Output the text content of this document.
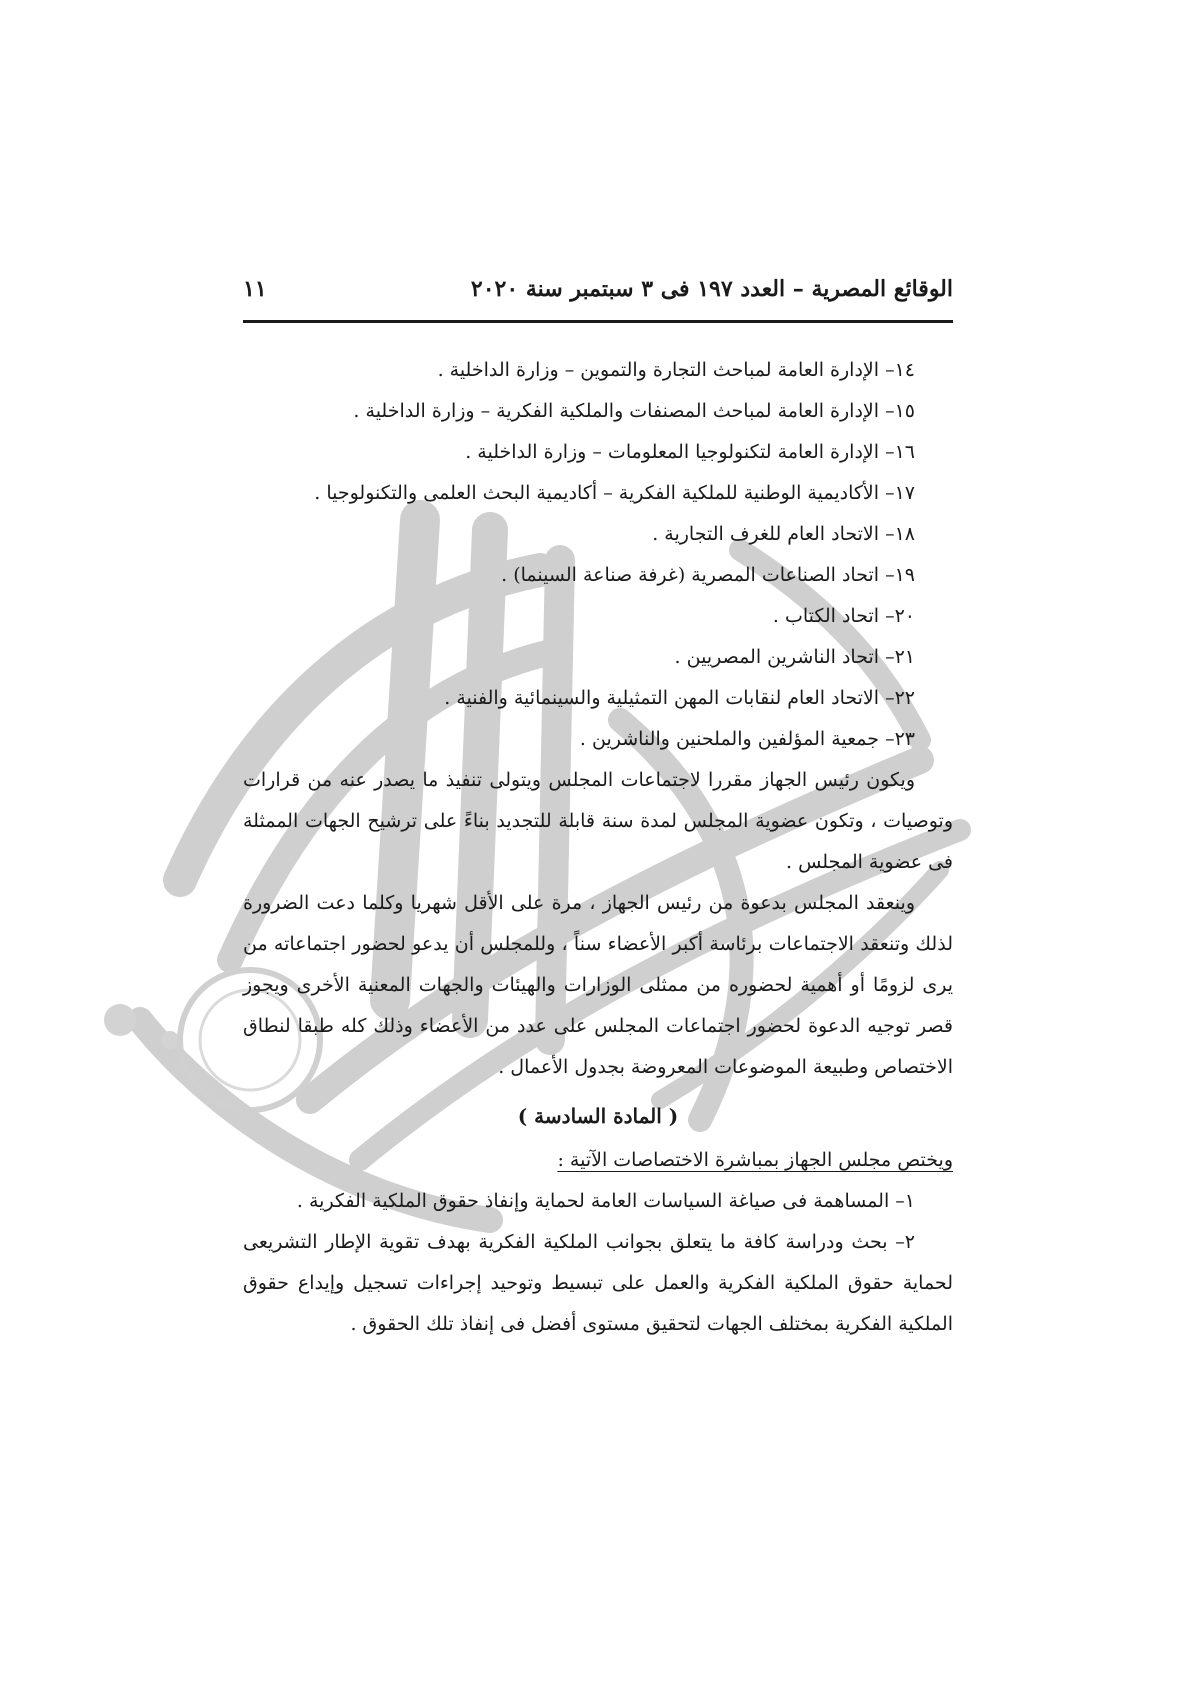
الوقائع المصرية – العدد ١٩٧ فى ٣ سبتمبر سنة ٢٠٢٠
١١
١٤– الإدارة العامة لمباحث التجارة والتموين – وزارة الداخلية .
١٥– الإدارة العامة لمباحث المصنفات والملكية الفكرية – وزارة الداخلية .
١٦– الإدارة العامة لتكنولوجيا المعلومات – وزارة الداخلية .
١٧– الأكاديمية الوطنية للملكية الفكرية – أكاديمية البحث العلمى والتكنولوجيا .
١٨– الاتحاد العام للغرف التجارية .
١٩– اتحاد الصناعات المصرية (غرفة صناعة السينما) .
٢٠– اتحاد الكتاب .
٢١– اتحاد الناشرين المصريين .
٢٢– الاتحاد العام لنقابات المهن التمثيلية والسينمائية والفنية .
٢٣– جمعية المؤلفين والملحنين والناشرين .

ويكون رئيس الجهاز مقررا لاجتماعات المجلس ويتولى تنفيذ ما يصدر عنه من قرارات وتوصيات ، وتكون عضوية المجلس لمدة سنة قابلة للتجديد بناءً على ترشيح الجهات الممثلة فى عضوية المجلس .

وينعقد المجلس بدعوة من رئيس الجهاز ، مرة على الأقل شهريا وكلما دعت الضرورة لذلك وتنعقد الاجتماعات برئاسة أكبر الأعضاء سناً ، وللمجلس أن يدعو لحضور اجتماعاته من يرى لزومًا أو أهمية لحضوره من ممثلى الوزارات والهيئات والجهات المعنية الأخرى ويجوز قصر توجيه الدعوة لحضور اجتماعات المجلس على عدد من الأعضاء وذلك كله طبقا لنطاق الاختصاص وطبيعة الموضوعات المعروضة بجدول الأعمال .

( المادة السادسة )
ويختص مجلس الجهاز بمباشرة الاختصاصات الآتية :
١– المساهمة فى صياغة السياسات العامة لحماية وإنفاذ حقوق الملكية الفكرية .

٢– بحث ودراسة كافة ما يتعلق بجوانب الملكية الفكرية بهدف تقوية الإطار التشريعى لحماية حقوق الملكية الفكرية والعمل على تبسيط وتوحيد إجراءات تسجيل وإيداع حقوق الملكية الفكرية بمختلف الجهات لتحقيق مستوى أفضل فى إنفاذ تلك الحقوق .
